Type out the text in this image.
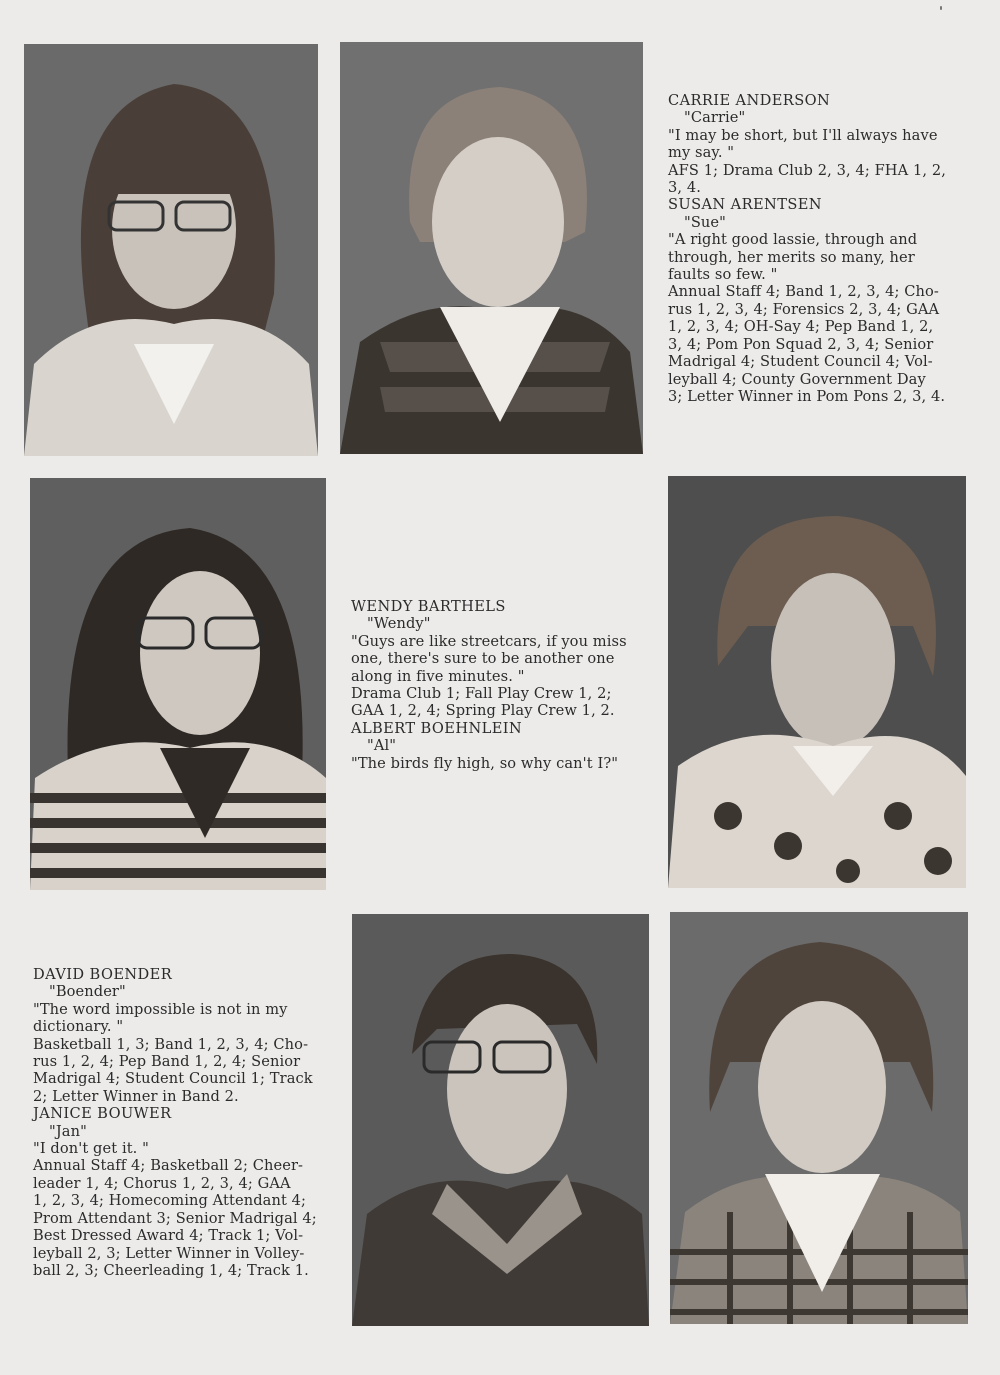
CARRIE ANDERSON

"Carrie"

"I may be short, but I'll always have

my say. "

AFS 1; Drama Club 2, 3, 4; FHA 1, 2,

3, 4.

SUSAN ARENTSEN

"Sue"

"A right good lassie, through and

through, her merits so many, her

faults so few. "

Annual Staff 4; Band 1, 2, 3, 4; Cho-

rus 1, 2, 3, 4; Forensics 2, 3, 4; GAA

1, 2, 3, 4; OH-Say 4; Pep Band 1, 2,

3, 4; Pom Pon Squad 2, 3, 4; Senior

Madrigal 4; Student Council 4; Vol-

leyball 4; County Government Day

3; Letter Winner in Pom Pons 2, 3, 4.

WENDY BARTHELS

"Wendy"

"Guys are like streetcars, if you miss

one, there's sure to be another one

along in five minutes. "

Drama Club 1; Fall Play Crew 1, 2;

GAA 1, 2, 4; Spring Play Crew 1, 2.

ALBERT BOEHNLEIN

"Al"

"The birds fly high, so why can't I?"

DAVID BOENDER

"Boender"

"The word impossible is not in my

dictionary. "

Basketball 1, 3; Band 1, 2, 3, 4; Cho-

rus 1, 2, 4; Pep Band 1, 2, 4; Senior

Madrigal 4; Student Council 1; Track

2; Letter Winner in Band 2.

JANICE BOUWER

"Jan"

"I don't get it. "

Annual Staff 4; Basketball 2; Cheer-

leader 1, 4; Chorus 1, 2, 3, 4; GAA

1, 2, 3, 4; Homecoming Attendant 4;

Prom Attendant 3; Senior Madrigal 4;

Best Dressed Award 4; Track 1; Vol-

leyball 2, 3; Letter Winner in Volley-

ball 2, 3; Cheerleading 1, 4; Track 1.
